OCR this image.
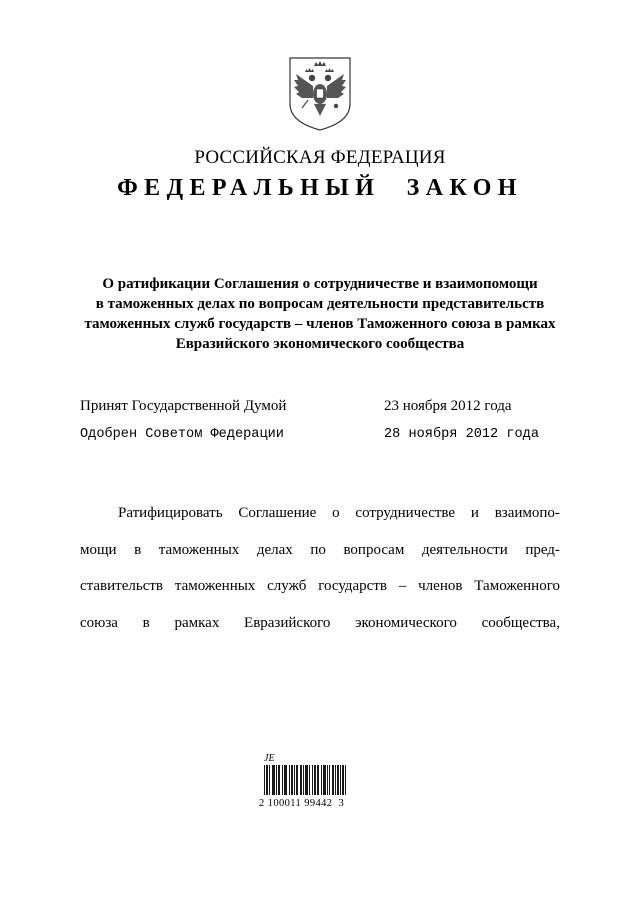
РОССИЙСКАЯ ФЕДЕРАЦИЯ
ФЕДЕРАЛЬНЫЙ ЗАКОН
О ратификации Соглашения о сотрудничестве и взаимопомощи
в таможенных делах по вопросам деятельности представительств
таможенных служб государств – членов Таможенного союза в рамках
Евразийского экономического сообщества
Принят Государственной Думой	23 ноября 2012 года
Одобрен Советом Федерации	28 ноября 2012 года
Ратифицировать Соглашение о сотрудничестве и взаимопо-
мощи в таможенных делах по вопросам деятельности пред-
ставительств таможенных служб государств – членов Таможенного
союза в рамках Евразийского экономического сообщества,
JE
2 100011 99442  3
